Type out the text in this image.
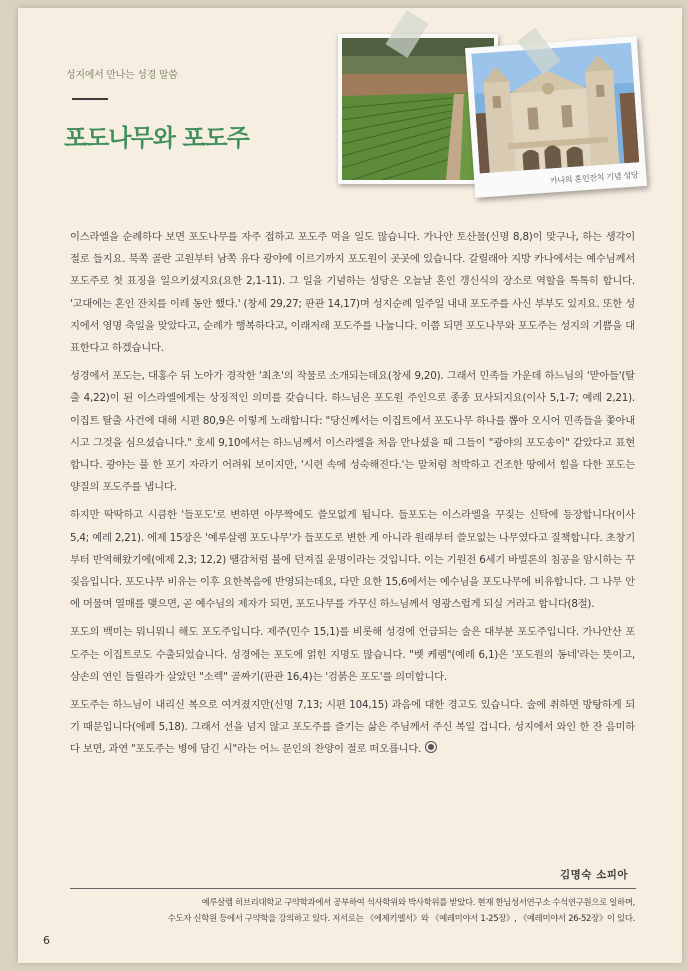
성지에서 만나는 성경 말씀
포도나무와 포도주
카나의 혼인잔치 기념 성당

이스라엘을 순례하다 보면 포도나무를 자주 접하고 포도주 먹을 일도 많습니다. 가나안 토산물(신명 8,8)이 맞구나, 하는 생각이 절로 들지요. 북쪽 골란 고원부터 남쪽 유다 광야에 이르기까지 포도원이 곳곳에 있습니다. 갈릴래아 지방 카나에서는 예수님께서 포도주로 첫 표징을 일으키셨지요(요한 2,1-11). 그 일을 기념하는 성당은 오늘날 혼인 갱신식의 장소로 역할을 톡톡히 합니다. '고대에는 혼인 잔치를 이레 동안 했다.' (창세 29,27; 판관 14,17)며 성지순례 일주일 내내 포도주를 사신 부부도 있지요. 또한 성지에서 영명 축일을 맞았다고, 순례가 행복하다고, 이래저래 포도주를 나눕니다. 이쯤 되면 포도나무와 포도주는 성지의 기쁨을 대표한다고 하겠습니다.

성경에서 포도는, 대홍수 뒤 노아가 경작한 '최초'의 작물로 소개되는데요(창세 9,20). 그래서 민족들 가운데 하느님의 '맏아들'(탈출 4,22)이 된 이스라엘에게는 상징적인 의미를 갖습니다. 하느님은 포도원 주인으로 종종 묘사되지요(이사 5,1-7; 예레 2,21). 이집트 탈출 사건에 대해 시편 80,9은 이렇게 노래합니다: "당신께서는 이집트에서 포도나무 하나를 뽑아 오시어 민족들을 쫓아내시고 그것을 심으셨습니다." 호세 9,10에서는 하느님께서 이스라엘을 처음 만나셨을 때 그들이 "광야의 포도송이" 같았다고 표현합니다. 광야는 풀 한 포기 자라기 어려워 보이지만, '시련 속에 성숙해진다.'는 말처럼 척박하고 건조한 땅에서 힘을 다한 포도는 양질의 포도주를 냅니다.

하지만 딱딱하고 시큼한 '들포도'로 변하면 아무짝에도 쓸모없게 됩니다. 들포도는 이스라엘을 꾸짖는 신탁에 등장합니다(이사 5,4; 예레 2,21). 에제 15장은 '예루살렘 포도나무'가 들포도로 변한 게 아니라 원래부터 쓸모없는 나무였다고 질책합니다. 초창기부터 반역해왔기에(에제 2,3; 12,2) 땔감처럼 불에 던져질 운명이라는 것입니다. 이는 기원전 6세기 바빌론의 침공을 암시하는 꾸짖음입니다. 포도나무 비유는 이후 요한복음에 반영되는데요, 다만 요한 15,6에서는 예수님을 포도나무에 비유합니다. 그 나무 안에 머물며 열매를 맺으면, 곧 예수님의 제자가 되면, 포도나무를 가꾸신 하느님께서 영광스럽게 되실 거라고 합니다(8절).

포도의 백미는 뭐니뭐니 해도 포도주입니다. 제주(민수 15,1)를 비롯해 성경에 언급되는 술은 대부분 포도주입니다. 가나안산 포도주는 이집트로도 수출되었습니다. 성경에는 포도에 얽힌 지명도 많습니다. "벳 케렘"(예레 6,1)은 '포도원의 동네'라는 뜻이고, 삼손의 연인 들릴라가 살았던 "소렉" 골짜기(판관 16,4)는 '검붉은 포도'를 의미합니다.

포도주는 하느님이 내리신 복으로 여겨졌지만(신명 7,13; 시편 104,15) 과음에 대한 경고도 있습니다. 술에 취하면 방탕하게 되기 때문입니다(에페 5,18). 그래서 선을 넘지 않고 포도주를 즐기는 삶은 주님께서 주신 복일 겁니다. 성지에서 와인 한 잔 음미하다 보면, 과연 "포도주는 병에 담긴 시"라는 어느 문인의 찬양이 절로 떠오릅니다.

김명숙 소피아
예루살렘 히브리대학교 구약학과에서 공부하여 석사학위와 박사학위를 받았다. 현재 한님성서연구소 수석연구원으로 일하며,
수도자 신학원 등에서 구약학을 강의하고 있다. 저서로는 《에제키엘서》와 《예레미야서 1-25장》, 《예레미야서 26-52장》이 있다.
6
